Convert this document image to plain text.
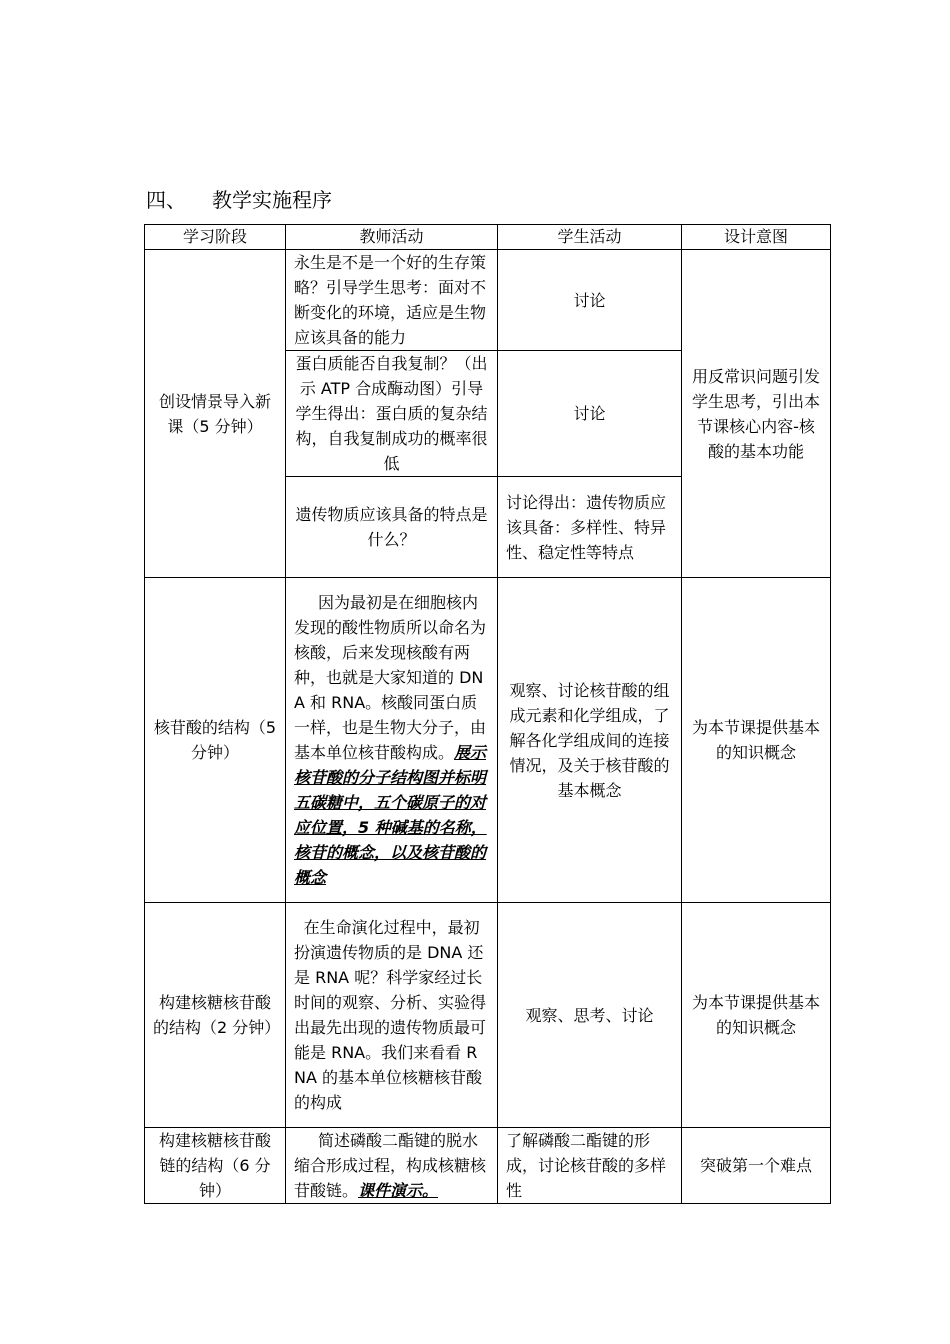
四、 教学实施程序
学习阶段	教师活动	学生活动	设计意图
创设情景导入新课（5 分钟）	永生是不是一个好的生存策略？引导学生思考：面对不断变化的环境，适应是生物应该具备的能力	讨论	用反常识问题引发学生思考，引出本节课核心内容-核酸的基本功能
	蛋白质能否自我复制？（出示 ATP 合成酶动图）引导学生得出：蛋白质的复杂结构，自我复制成功的概率很低	讨论	
	遗传物质应该具备的特点是什么？	讨论得出：遗传物质应该具备：多样性、特异性、稳定性等特点	
核苷酸的结构（5 分钟）	因为最初是在细胞核内发现的酸性物质所以命名为核酸，后来发现核酸有两种，也就是大家知道的 DNA 和 RNA。核酸同蛋白质一样，也是生物大分子，由基本单位核苷酸构成。展示核苷酸的分子结构图并标明五碳糖中，五个碳原子的对应位置，5 种碱基的名称，核苷的概念，以及核苷酸的概念	观察、讨论核苷酸的组成元素和化学组成，了解各化学组成间的连接情况，及关于核苷酸的基本概念	为本节课提供基本的知识概念
构建核糖核苷酸的结构（2 分钟）	在生命演化过程中，最初扮演遗传物质的是 DNA 还是 RNA 呢？科学家经过长时间的观察、分析、实验得出最先出现的遗传物质最可能是 RNA。我们来看看 RNA 的基本单位核糖核苷酸的构成	观察、思考、讨论	为本节课提供基本的知识概念
构建核糖核苷酸链的结构（6 分钟）	简述磷酸二酯键的脱水缩合形成过程，构成核糖核苷酸链。课件演示。	了解磷酸二酯键的形成，讨论核苷酸的多样性	突破第一个难点
